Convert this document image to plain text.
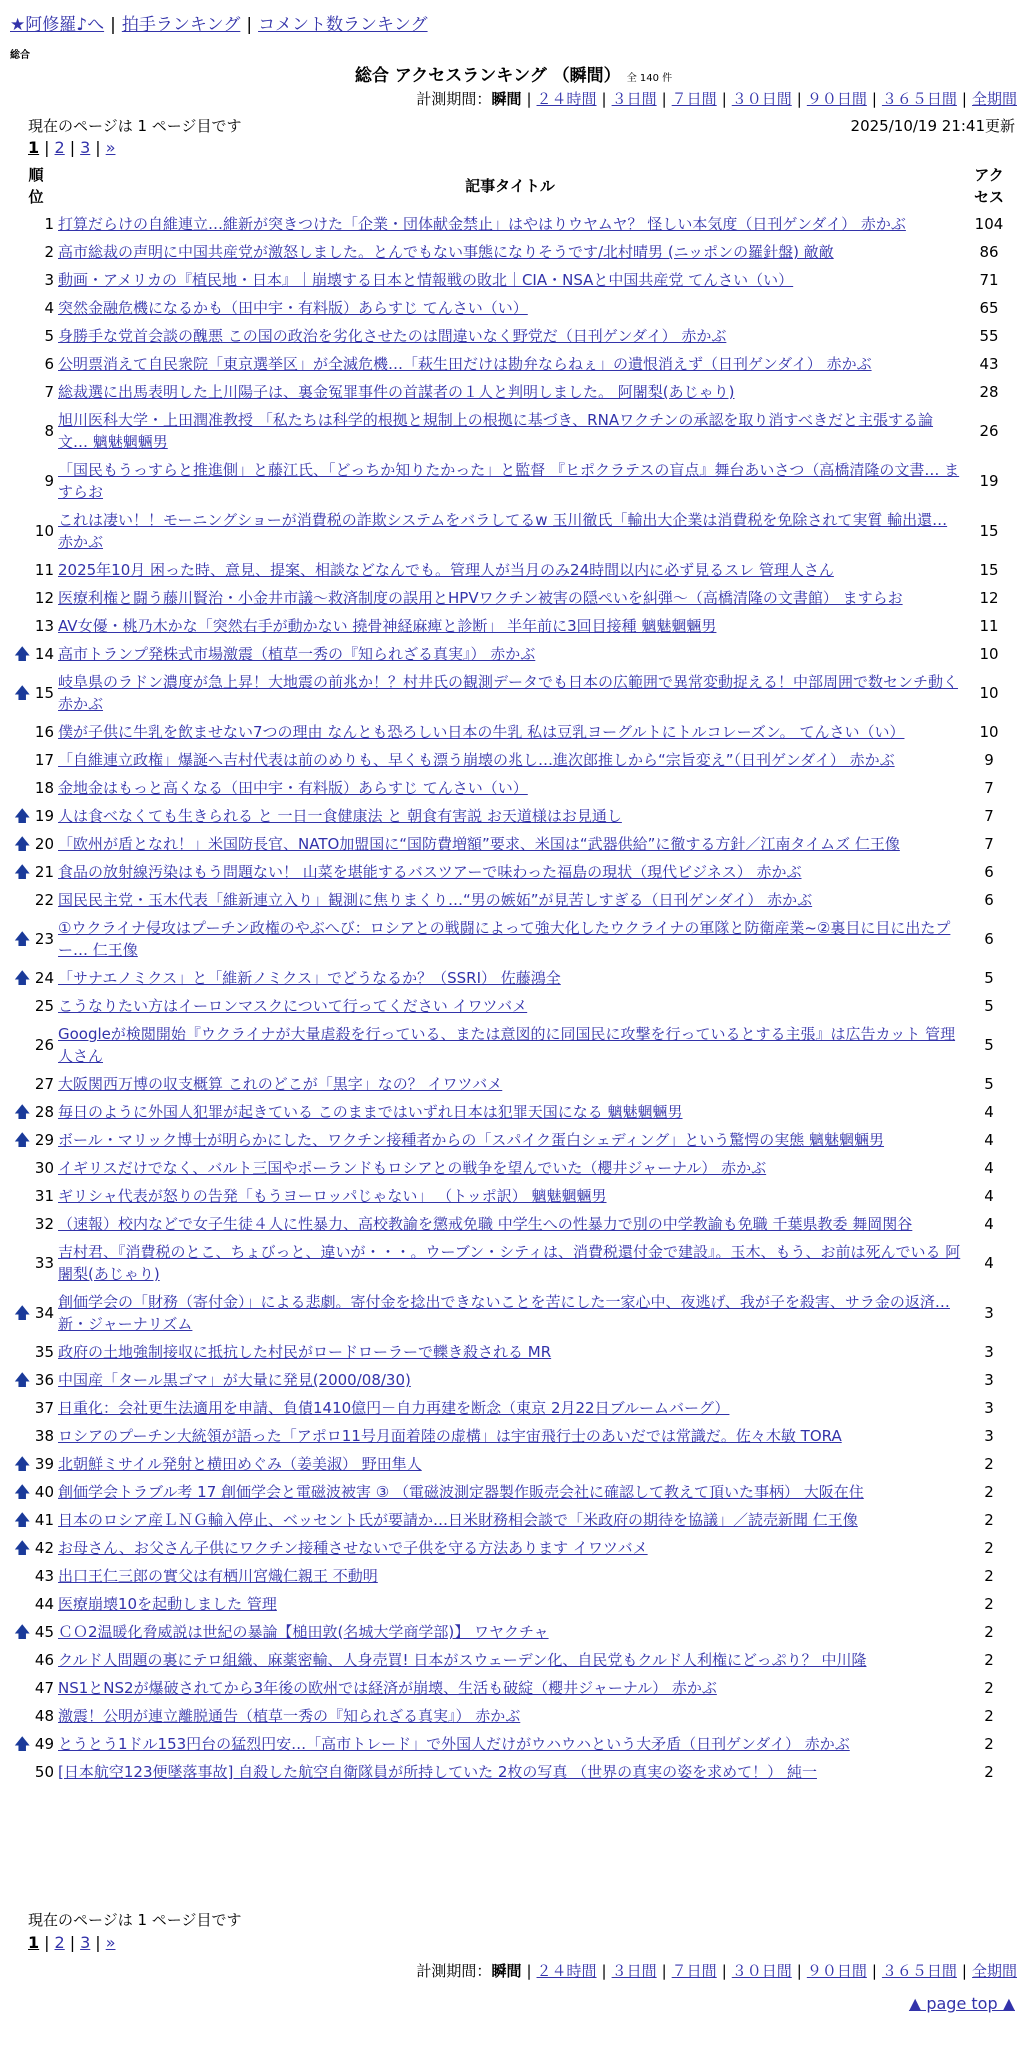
★阿修羅♪へ | 拍手ランキング | コメント数ランキング
総合
総合 アクセスランキング （瞬間） 全 140 件
計測期間：瞬間 | ２４時間 | ３日間 | ７日間 | ３０日間 | ９０日間 | ３６５日間 | 全期間
現在のページは 1 ページ目です	2025/10/19 21:41更新
1 | 2 | 3 | »
順
位	記事タイトル	アク
セス
1	打算だらけの自維連立…維新が突きつけた「企業・団体献金禁止」はやはりウヤムヤ？ 怪しい本気度（日刊ゲンダイ） 赤かぶ	104
2	高市総裁の声明に中国共産党が激怒しました。とんでもない事態になりそうです/北村晴男 (ニッポンの羅針盤) 敵敵	86
3	動画・アメリカの『植民地・日本』｜崩壊する日本と情報戦の敗北｜CIA・NSAと中国共産党 てんさい（い）	71
4	突然金融危機になるかも（田中宇・有料版）あらすじ てんさい（い）	65
5	身勝手な党首会談の醜悪 この国の政治を劣化させたのは間違いなく野党だ（日刊ゲンダイ） 赤かぶ	55
6	公明票消えて自民衆院「東京選挙区」が全滅危機…「萩生田だけは勘弁ならねぇ」の遺恨消えず（日刊ゲンダイ） 赤かぶ	43
7	総裁選に出馬表明した上川陽子は、裏金冤罪事件の首謀者の１人と判明しました。 阿闍梨(あじゃり)	28
8	旭川医科大学・上田潤准教授 「私たちは科学的根拠と規制上の根拠に基づき、RNAワクチンの承認を取り消すべきだと主張する論文… 魑魅魍魎男	26
9	「国民もうっすらと推進側」と藤江氏、「どっちか知りたかった」と監督 『ヒポクラテスの盲点』舞台あいさつ（高橋清隆の文書… ますらお	19
10	これは凄い！！モーニングショーが消費税の詐欺システムをバラしてるw 玉川徹氏「輸出大企業は消費税を免除されて実質 輸出還… 赤かぶ	15
11	2025年10月 困った時、意見、提案、相談などなんでも。管理人が当月のみ24時間以内に必ず見るスレ 管理人さん	15
12	医療利権と闘う藤川賢治・小金井市議〜救済制度の誤用とHPVワクチン被害の隠ぺいを糾弾〜（高橋清隆の文書館） ますらお	12
13	AV女優・桃乃木かな「突然右手が動かない 撓骨神経麻痺と診断」 半年前に3回目接種 魑魅魍魎男	11

🡅 14	高市トランプ発株式市場激震（植草一秀の『知られざる真実』） 赤かぶ	10

🡅 15	岐阜県のラドン濃度が急上昇！大地震の前兆か！？村井氏の観測データでも日本の広範囲で異常変動捉える！中部周囲で数センチ動く 赤かぶ	10
16	僕が子供に牛乳を飲ませない7つの理由 なんとも恐ろしい日本の牛乳 私は豆乳ヨーグルトにトルコレーズン。 てんさい（い）	10
17	「自維連立政権」爆誕へ吉村代表は前のめりも、早くも漂う崩壊の兆し…進次郎推しから“宗旨変え”（日刊ゲンダイ） 赤かぶ	9
18	金地金はもっと高くなる（田中宇・有料版）あらすじ てんさい（い）	7

🡅 19	人は食べなくても生きられる と 一日一食健康法 と 朝食有害説 お天道様はお見通し	7

🡅 20	「欧州が盾となれ！」米国防長官、NATO加盟国に“国防費増額”要求、米国は“武器供給”に徹する方針／江南タイムズ 仁王像	7

🡅 21	食品の放射線汚染はもう問題ない！ 山菜を堪能するバスツアーで味わった福島の現状（現代ビジネス） 赤かぶ	6
22	国民民主党・玉木代表「維新連立入り」観測に焦りまくり…“男の嫉妬”が見苦しすぎる（日刊ゲンダイ） 赤かぶ	6

🡅 23	①ウクライナ侵攻はプーチン政権のやぶへび：ロシアとの戦闘によって強大化したウクライナの軍隊と防衛産業~②裏目に目に出たプー… 仁王像	6

🡅 24	「サナエノミクス」と「維新ノミクス」でどうなるか？（SSRI） 佐藤鴻全	5
25	こうなりたい方はイーロンマスクについて行ってください イワツバメ	5
26	Googleが検閲開始『ウクライナが大量虐殺を行っている、または意図的に同国民に攻撃を行っているとする主張』は広告カット 管理人さん	5
27	大阪関西万博の収支概算 これのどこが「黒字」なの？ イワツバメ	5

🡅 28	毎日のように外国人犯罪が起きている このままではいずれ日本は犯罪天国になる 魑魅魍魎男	4

🡅 29	ボール・マリック博士が明らかにした、ワクチン接種者からの「スパイク蛋白シェディング」という驚愕の実態 魑魅魍魎男	4
30	イギリスだけでなく、バルト三国やポーランドもロシアとの戦争を望んでいた（櫻井ジャーナル） 赤かぶ	4
31	ギリシャ代表が怒りの告発「もうヨーロッパじゃない」 （トッポ訳） 魑魅魍魎男	4
32	（速報）校内などで女子生徒４人に性暴力、高校教諭を懲戒免職 中学生への性暴力で別の中学教諭も免職 千葉県教委 舞岡関谷	4
33	吉村君、『消費税のとこ、ちょびっと、違いが・・・。ウーブン・シティは、消費税還付金で建設』。玉木、もう、お前は死んでいる 阿闍梨(あじゃり)	4

🡅 34	創価学会の「財務（寄付金）」による悲劇。寄付金を捻出できないことを苦にした一家心中、夜逃げ、我が子を殺害、サラ金の返済… 新・ジャーナリズム	3
35	政府の土地強制接収に抵抗した村民がロードローラーで轢き殺される MR	3

🡅 36	中国産「タール黒ゴマ」が大量に発見(2000/08/30)	3
37	日重化：会社更生法適用を申請、負債1410億円－自力再建を断念（東京 2月22日ブルームバーグ）	3
38	ロシアのプーチン大統領が語った「アポロ11号月面着陸の虚構」は宇宙飛行士のあいだでは常識だ。佐々木敏 TORA	3

🡅 39	北朝鮮ミサイル発射と横田めぐみ（姜美淑） 野田隼人	2

🡅 40	創価学会トラブル考 17 創価学会と電磁波被害 ③ （電磁波測定器製作販売会社に確認して教えて頂いた事柄） 大阪在住	2

🡅 41	日本のロシア産ＬＮＧ輸入停止、ベッセント氏が要請か…日米財務相会談で「米政府の期待を協議」／読売新聞 仁王像	2

🡅 42	お母さん、お父さん子供にワクチン接種させないで子供を守る方法あります イワツバメ	2
43	出口王仁三郎の實父は有栖川宮熾仁親王 不動明	2
44	医療崩壊10を起動しました 管理	2

🡅 45	ＣＯ2温暖化脅威説は世紀の暴論【槌田敦(名城大学商学部)】 ワヤクチャ	2
46	クルド人問題の裏にテロ組織、麻薬密輸、人身売買! 日本がスウェーデン化、自民党もクルド人利権にどっぷり？ 中川隆	2
47	NS1とNS2が爆破されてから3年後の欧州では経済が崩壊、生活も破綻（櫻井ジャーナル） 赤かぶ	2
48	激震！公明が連立離脱通告（植草一秀の『知られざる真実』） 赤かぶ	2

🡅 49	とうとう1ドル153円台の猛烈円安…「高市トレード」で外国人だけがウハウハという大矛盾（日刊ゲンダイ） 赤かぶ	2
50	[日本航空123便墜落事故] 自殺した航空自衛隊員が所持していた 2枚の写真 （世界の真実の姿を求めて！） 純一	2
現在のページは 1 ページ目です
1 | 2 | 3 | »
計測期間：瞬間 | ２４時間 | ３日間 | ７日間 | ３０日間 | ９０日間 | ３６５日間 | 全期間
▲ page top ▲
